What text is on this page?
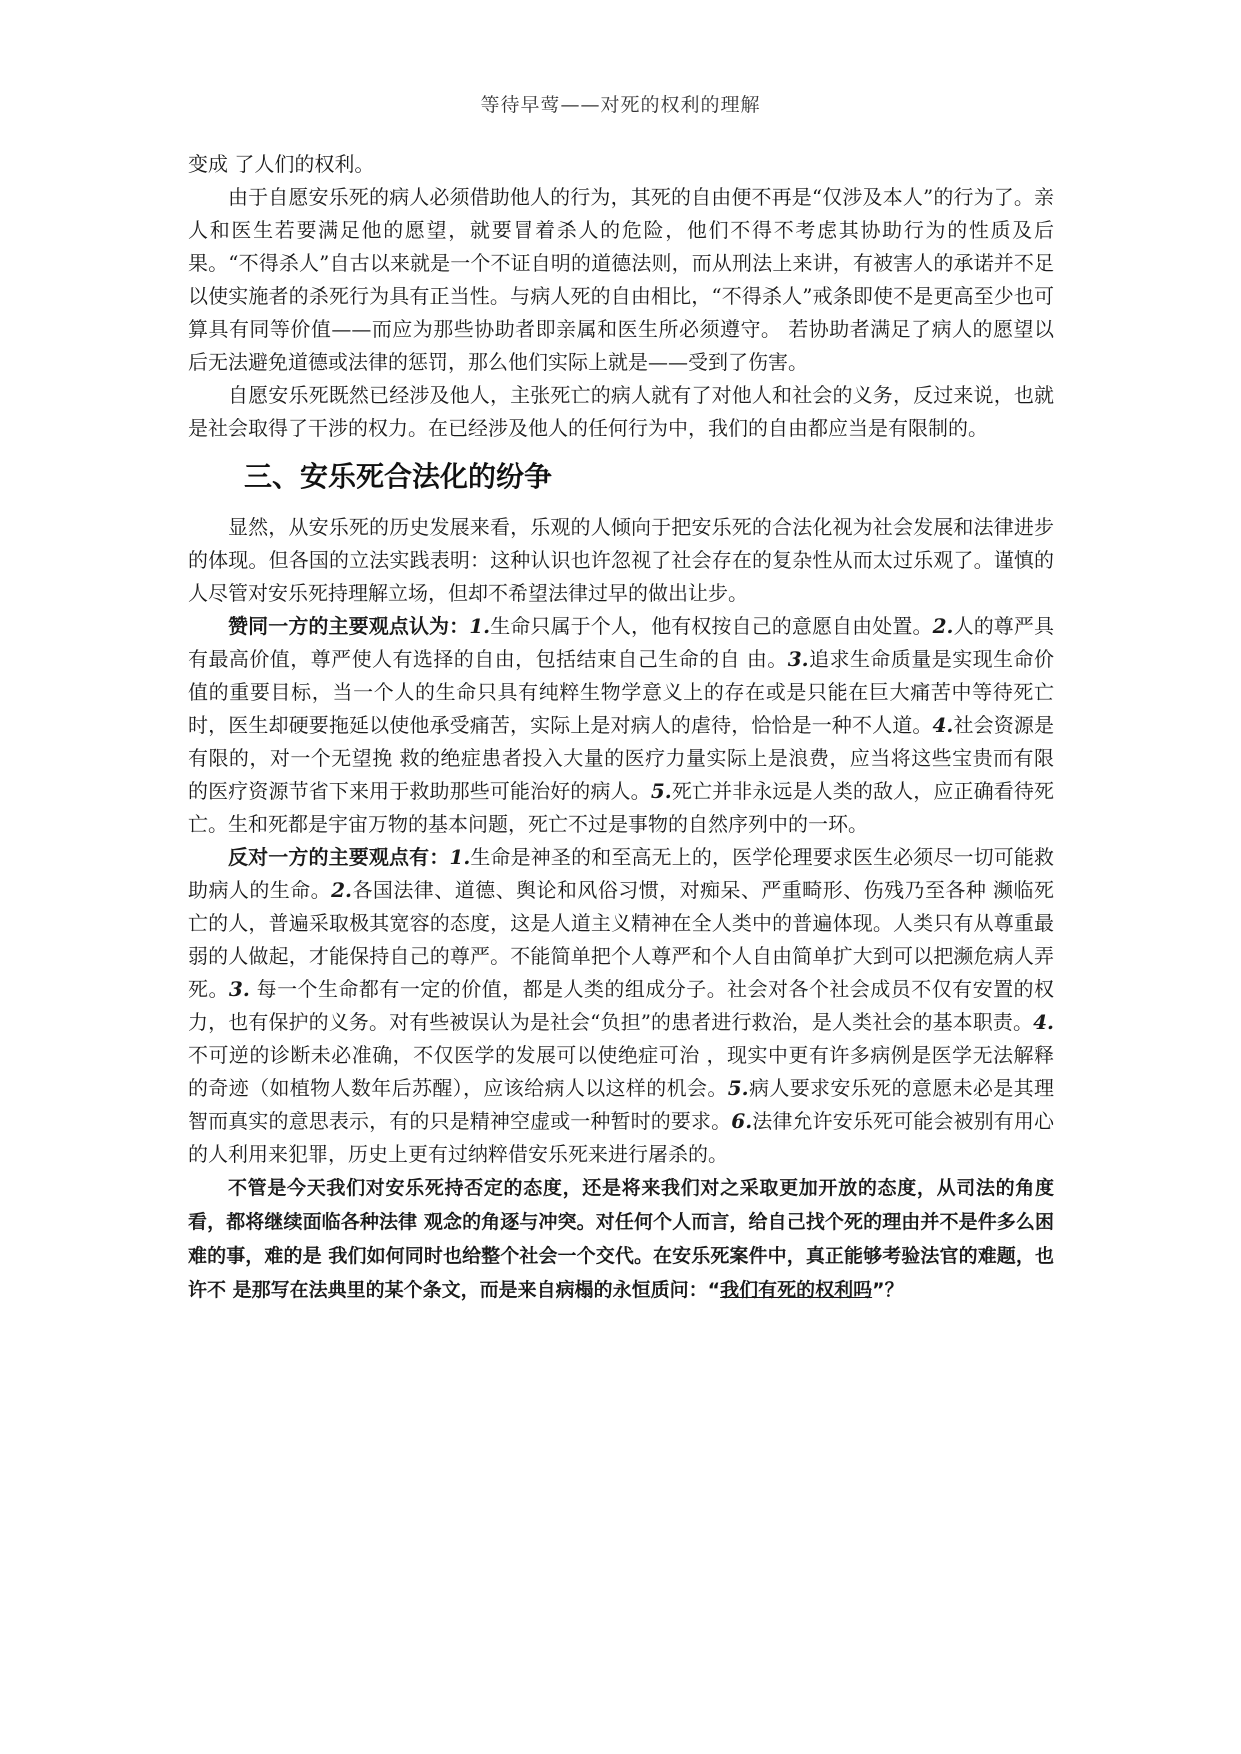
等待早莺——对死的权利的理解

变成 了人们的权利。

由于自愿安乐死的病人必须借助他人的行为，其死的自由便不再是“仅涉及本人”的行为了。亲人和医生若要满足他的愿望，就要冒着杀人的危险，他们不得不考虑其协助行为的性质及后果。“不得杀人”自古以来就是一个不证自明的道德法则，而从刑法上来讲，有被害人的承诺并不足以使实施者的杀死行为具有正当性。与病人死的自由相比，“不得杀人”戒条即使不是更高至少也可算具有同等价值——而应为那些协助者即亲属和医生所必须遵守。 若协助者满足了病人的愿望以后无法避免道德或法律的惩罚，那么他们实际上就是——受到了伤害。

自愿安乐死既然已经涉及他人，主张死亡的病人就有了对他人和社会的义务，反过来说，也就是社会取得了干涉的权力。在已经涉及他人的任何行为中，我们的自由都应当是有限制的。

三、安乐死合法化的纷争

显然，从安乐死的历史发展来看，乐观的人倾向于把安乐死的合法化视为社会发展和法律进步的体现。但各国的立法实践表明：这种认识也许忽视了社会存在的复杂性从而太过乐观了。谨慎的人尽管对安乐死持理解立场，但却不希望法律过早的做出让步。

赞同一方的主要观点认为：1.生命只属于个人，他有权按自己的意愿自由处置。2.人的尊严具有最高价值，尊严使人有选择的自由，包括结束自己生命的自 由。3.追求生命质量是实现生命价值的重要目标，当一个人的生命只具有纯粹生物学意义上的存在或是只能在巨大痛苦中等待死亡时，医生却硬要拖延以使他承受痛苦，实际上是对病人的虐待，恰恰是一种不人道。4.社会资源是有限的，对一个无望挽 救的绝症患者投入大量的医疗力量实际上是浪费，应当将这些宝贵而有限的医疗资源节省下来用于救助那些可能治好的病人。5.死亡并非永远是人类的敌人，应正确看待死亡。生和死都是宇宙万物的基本问题，死亡不过是事物的自然序列中的一环。

反对一方的主要观点有：1.生命是神圣的和至高无上的，医学伦理要求医生必须尽一切可能救助病人的生命。2.各国法律、道德、舆论和风俗习惯，对痴呆、严重畸形、伤残乃至各种 濒临死亡的人，普遍采取极其宽容的态度，这是人道主义精神在全人类中的普遍体现。人类只有从尊重最弱的人做起，才能保持自己的尊严。不能简单把个人尊严和个人自由简单扩大到可以把濒危病人弄死。3. 每一个生命都有一定的价值，都是人类的组成分子。社会对各个社会成员不仅有安置的权力，也有保护的义务。对有些被误认为是社会“负担”的患者进行救治，是人类社会的基本职责。4.不可逆的诊断未必准确，不仅医学的发展可以使绝症可治 ，现实中更有许多病例是医学无法解释的奇迹（如植物人数年后苏醒），应该给病人以这样的机会。5.病人要求安乐死的意愿未必是其理智而真实的意思表示，有的只是精神空虚或一种暂时的要求。6.法律允许安乐死可能会被别有用心的人利用来犯罪，历史上更有过纳粹借安乐死来进行屠杀的。

不管是今天我们对安乐死持否定的态度，还是将来我们对之采取更加开放的态度，从司法的角度看，都将继续面临各种法律 观念的角逐与冲突。对任何个人而言，给自己找个死的理由并不是件多么困难的事，难的是 我们如何同时也给整个社会一个交代。在安乐死案件中，真正能够考验法官的难题，也许不 是那写在法典里的某个条文，而是来自病榻的永恒质问：“我们有死的权利吗”？
